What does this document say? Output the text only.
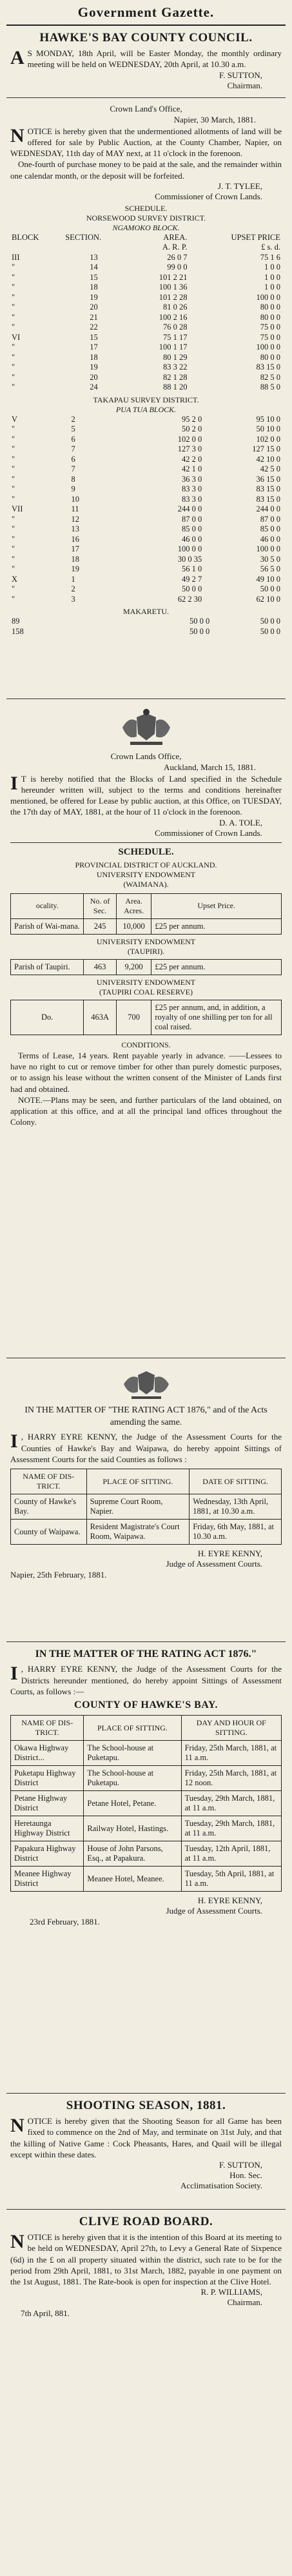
Government Gazette.
HAWKE'S BAY COUNTY COUNCIL.
A S MONDAY, 18th April, will be Easter Monday, the monthly ordinary meeting will be held on WEDNESDAY, 20th April, at 10.30 a.m.
F. SUTTON,
Chairman.
Crown Land's Office,
Napier, 30 March, 1881.
N OTICE is hereby given that the undermentioned allotments of land will be offered for sale by Public Auction, at the County Chamber, Napier, on WEDNESDAY, 11th day of MAY next, at 11 o'clock in the forenoon.
One-fourth of purchase money to be paid at the sale, and the remainder within one calendar month, or the deposit will be forfeited.
J. T. TYLEE,
Commissioner of Crown Lands.
SCHEDULE.
NORSEWOOD SURVEY DISTRICT.
NGAMOKO BLOCK.
BLOCK	SECTION.	AREA.	UPSET PRICE
		A. R. P.	£ s. d.
III	13	26 0 7	75 1 6
"	14	99 0 0	1 0 0
"	15	101 2 21	1 0 0
"	18	100 1 36	1 0 0
"	19	101 2 28	100 0 0
"	20	81 0 26	80 0 0
"	21	100 2 16	80 0 0
"	22	76 0 28	75 0 0
VI	15	75 1 17	75 0 0
"	17	100 1 17	100 0 0
"	18	80 1 29	80 0 0
"	19	83 3 22	83 15 0
"	20	82 1 28	82 5 0
"	24	88 1 20	88 5 0
TAKAPAU SURVEY DISTRICT.
PUA TUA BLOCK.
V	2	95 2 0	95 10 0
"	5	50 2 0	50 10 0
"	6	102 0 0	102 0 0
"	7	127 3 0	127 15 0
"	6	42 2 0	42 10 0
"	7	42 1 0	42 5 0
"	8	36 3 0	36 15 0
"	9	83 3 0	83 15 0
"	10	83 3 0	83 15 0
VII	11	244 0 0	244 0 0
"	12	87 0 0	87 0 0
"	13	85 0 0	85 0 0
"	16	46 0 0	46 0 0
"	17	100 0 0	100 0 0
"	18	30 0 35	30 5 0
"	19	56 1 0	56 5 0
X	1	49 2 7	49 10 0
"	2	50 0 0	50 0 0
"	3	62 2 30	62 10 0
MAKARETU.
89		50 0 0	50 0 0
158		50 0 0	50 0 0
Crown Lands Office,
Auckland, March 15, 1881.
I T is hereby notified that the Blocks of Land specified in the Schedule hereunder written will, subject to the terms and conditions hereinafter mentioned, be offered for Lease by public auction, at this Office, on TUESDAY, the 17th day of MAY, 1881, at the hour of 11 o'clock in the forenoon.
D. A. TOLE,
Commissioner of Crown Lands.
SCHEDULE.
PROVINCIAL DISTRICT OF AUCKLAND.
UNIVERSITY ENDOWMENT
(WAIMANA).
ocality.	No. of Sec.	Area. Acres.	Upset Price.
Parish of Wai-mana.	245	10,000	£25 per annum.

UNIVERSITY ENDOWMENT
(TAUPIRI).			

Parish of Taupiri.	463	9,200	£25 per annum.

UNIVERSITY ENDOWMENT
(TAUPIRI COAL RESERVE)			

Do.	463A	700	£25 per annum, and, in addition, a royalty of one shilling per ton for all coal raised.
CONDITIONS.
Terms of Lease, 14 years. Rent payable yearly in advance. ——Lessees to have no right to cut or remove timber for other than purely domestic purposes, or to assign his lease without the written consent of the Minister of Lands first had and obtained.
NOTE.—Plans may be seen, and further particulars of the land obtained, on application at this office, and at all the principal land offices throughout the Colony.
IN THE MATTER OF "THE RATING ACT 1876," and of the Acts amending the same.
I , HARRY EYRE KENNY, the Judge of the Assessment Courts for the Counties of Hawke's Bay and Waipawa, do hereby appoint Sittings of Assessment Courts for the said Counties as follows :
NAME OF DIS-TRICT.	PLACE OF SITTING.	DATE OF SITTING.
County of Hawke's Bay.	Supreme Court Room, Napier.	Wednesday, 13th April, 1881, at 10.30 a.m.
County of Waipawa.	Resident Magistrate's Court Room, Waipawa.	Friday, 6th May, 1881, at 10.30 a.m.
H. EYRE KENNY,
Judge of Assessment Courts.
Napier, 25th February, 1881.
IN THE MATTER OF THE RATING ACT 1876."
I , HARRY EYRE KENNY, the Judge of the Assessment Courts for the Districts hereunder mentioned, do hereby appoint Sittings of Assessment Courts, as follows :—
COUNTY OF HAWKE'S BAY.
NAME OF DIS-TRICT.	PLACE OF SITTING.	DAY AND HOUR OF SITTING.
Okawa Highway District...	The School-house at Puketapu.	Friday, 25th March, 1881, at 11 a.m.
Puketapu Highway District	The School-house at Puketapu.	Friday, 25th March, 1881, at 12 noon.
Petane Highway District	Petane Hotel, Petane.	Tuesday, 29th March, 1881, at 11 a.m.
Heretaunga Highway District	Railway Hotel, Hastings.	Tuesday, 29th March, 1881, at 11 a.m.
Papakura Highway District	House of John Parsons, Esq., at Papakura.	Tuesday, 12th April, 1881, at 11 a.m.
Meanee Highway District	Meanee Hotel, Meanee.	Tuesday, 5th April, 1881, at 11 a.m.
H. EYRE KENNY,
Judge of Assessment Courts.
23rd February, 1881.
SHOOTING SEASON, 1881.
N OTICE is hereby given that the Shooting Season for all Game has been fixed to commence on the 2nd of May, and terminate on 31st July, and that the killing of Native Game : Cock Pheasants, Hares, and Quail will be illegal except within these dates.
F. SUTTON,
Hon. Sec.
Acclimatisation Society.
CLIVE ROAD BOARD.
N OTICE is hereby given that it is the intention of this Board at its meeting to be held on WEDNESDAY, April 27th, to Levy a General Rate of Sixpence (6d) in the £ on all property situated within the district, such rate to be for the period from 29th April, 1881, to 31st March, 1882, payable in one payment on the 1st August, 1881. The Rate-book is open for inspection at the Clive Hotel.
R. P. WILLIAMS,
Chairman.
7th April, 881.
